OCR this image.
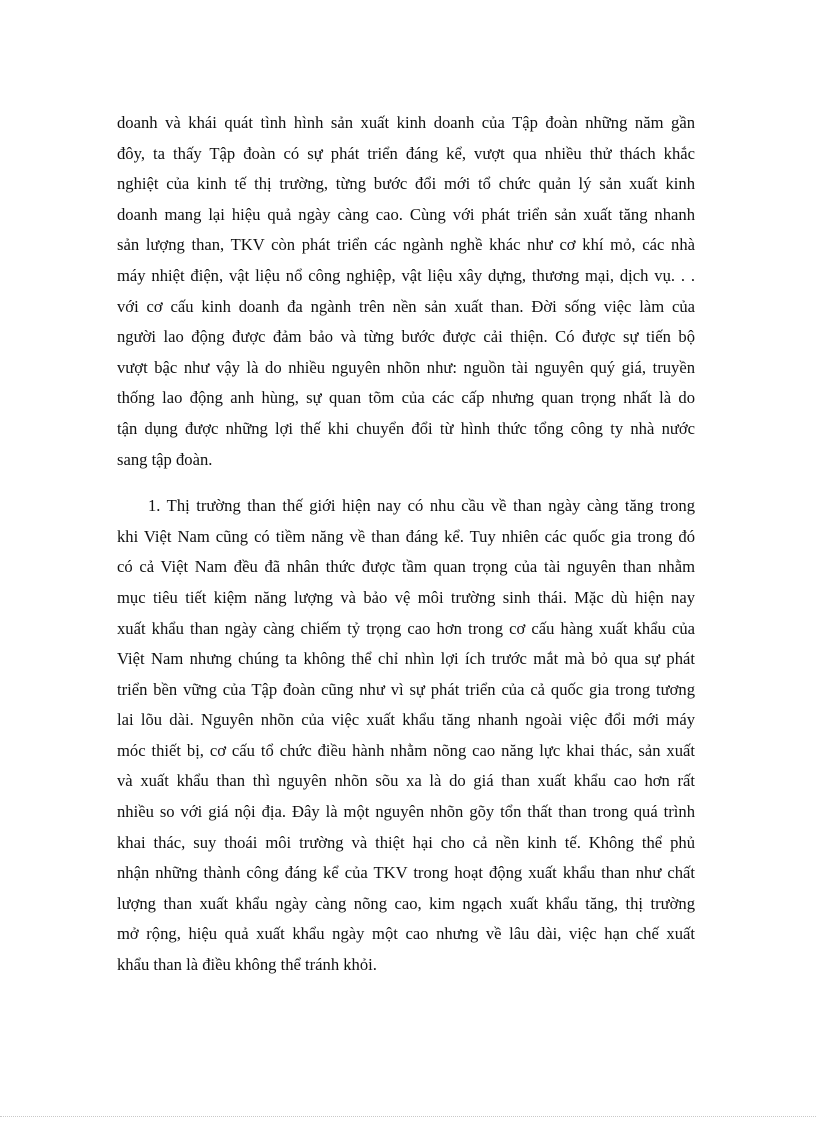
doanh và khái quát tình hình sản xuất kinh doanh của Tập đoàn những năm gần
đôy, ta thấy Tập đoàn có sự phát triển đáng kể, vượt qua nhiều thử thách khắc
nghiệt của kinh tế thị trường, từng bước đổi mới tổ chức quản lý sản xuất kinh
doanh mang lại hiệu quả ngày càng cao. Cùng với phát triển sản xuất tăng nhanh
sản lượng than, TKV còn phát triển các ngành nghề khác như cơ khí mỏ, các nhà
máy nhiệt điện, vật liệu nổ công nghiệp, vật liệu xây dựng, thương mại, dịch vụ. . .
với cơ cấu kinh doanh đa ngành trên nền sản xuất than. Đời sống việc làm của
người lao động được đảm bảo và từng bước được cải thiện. Có được sự tiến bộ
vượt bậc như vậy là do nhiều nguyên nhõn như: nguồn tài nguyên quý giá, truyền
thống lao động anh hùng, sự quan tõm của các cấp nhưng quan trọng nhất là do
tận dụng được những lợi thế khi chuyển đổi từ hình thức tổng công ty nhà nước
sang tập đoàn.
1. Thị trường than thế giới hiện nay có nhu cầu về than ngày càng tăng trong
khi Việt Nam cũng có tiềm năng về than đáng kể. Tuy nhiên các quốc gia trong đó
có cả Việt Nam đều đã nhân thức được tầm quan trọng của tài nguyên than nhằm
mục tiêu tiết kiệm năng lượng và bảo vệ môi trường sinh thái. Mặc dù hiện nay
xuất khẩu than ngày càng chiếm tỷ trọng cao hơn trong cơ cấu hàng xuất khẩu của
Việt Nam nhưng chúng ta không thể chỉ nhìn lợi ích trước mắt mà bỏ qua sự phát
triển bền vững của Tập đoàn cũng như vì sự phát triển của cả quốc gia trong tương
lai lõu dài. Nguyên nhõn của việc xuất khẩu tăng nhanh ngoài việc đổi mới máy
móc thiết bị, cơ cấu tổ chức điều hành nhằm nõng cao năng lực khai thác, sản xuất
và xuất khẩu than thì nguyên nhõn sõu xa là do giá than xuất khẩu cao hơn rất
nhiều so với giá nội địa. Đây là một nguyên nhõn gõy tổn thất than trong quá trình
khai thác, suy thoái môi trường và thiệt hại cho cả nền kinh tế. Không thể phủ
nhận những thành công đáng kể của TKV trong hoạt động xuất khẩu than như chất
lượng than xuất khẩu ngày càng nõng cao, kim ngạch xuất khẩu tăng, thị trường
mở rộng, hiệu quả xuất khẩu ngày một cao nhưng về lâu dài, việc hạn chế xuất
khẩu than là điều không thể tránh khỏi.
